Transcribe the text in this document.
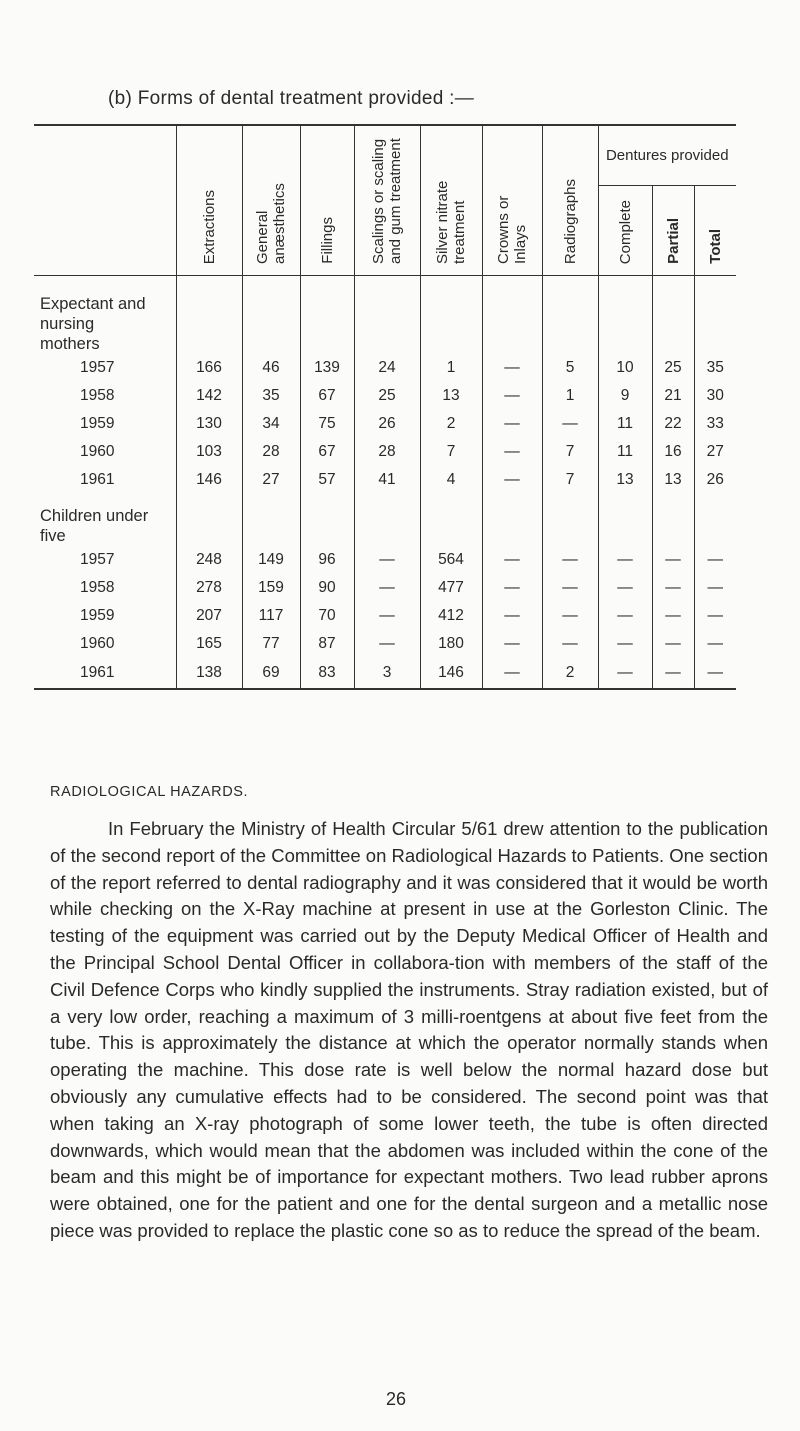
(b) Forms of dental treatment provided :—
	Extractions	General anæsthetics	Fillings	Scalings or scaling and gum treatment	Silver nitrate treatment	Crowns or Inlays	Radiographs	Dentures provided		
								Complete	Partial	Total
Expectant and nursing mothers										
1957	166	46	139	24	1	—	5	10	25	35
1958	142	35	67	25	13	—	1	9	21	30
1959	130	34	75	26	2	—	—	11	22	33
1960	103	28	67	28	7	—	7	11	16	27
1961	146	27	57	41	4	—	7	13	13	26
Children under five										
1957	248	149	96	—	564	—	—	—	—	—
1958	278	159	90	—	477	—	—	—	—	—
1959	207	117	70	—	412	—	—	—	—	—
1960	165	77	87	—	180	—	—	—	—	—
1961	138	69	83	3	146	—	2	—	—	—
RADIOLOGICAL HAZARDS.

In February the Ministry of Health Circular 5/61 drew attention to the publication of the second report of the Committee on Radiological Hazards to Patients. One section of the report referred to dental radiography and it was considered that it would be worth while checking on the X-Ray machine at present in use at the Gorleston Clinic. The testing of the equipment was carried out by the Deputy Medical Officer of Health and the Principal School Dental Officer in collabora-tion with members of the staff of the Civil Defence Corps who kindly supplied the instruments. Stray radiation existed, but of a very low order, reaching a maximum of 3 milli-roentgens at about five feet from the tube. This is approximately the distance at which the operator normally stands when operating the machine. This dose rate is well below the normal hazard dose but obviously any cumulative effects had to be considered. The second point was that when taking an X-ray photograph of some lower teeth, the tube is often directed downwards, which would mean that the abdomen was included within the cone of the beam and this might be of importance for expectant mothers. Two lead rubber aprons were obtained, one for the patient and one for the dental surgeon and a metallic nose piece was provided to replace the plastic cone so as to reduce the spread of the beam.

26
